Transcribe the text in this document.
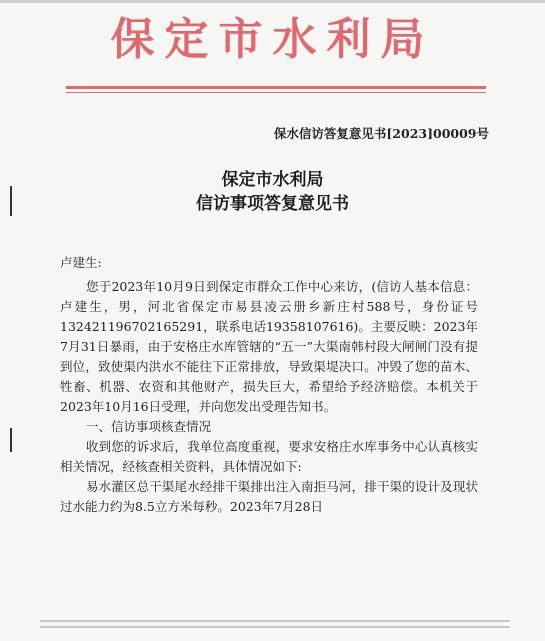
保定市水利局
保水信访答复意见书[2023]00009号
保定市水利局
信访事项答复意见书

卢建生:

您于2023年10月9日到保定市群众工作中心来访，(信访人基本信息：卢建生，男，河北省保定市易县凌云册乡新庄村588号，身份证号132421196702165291，联系电话19358107616)。主要反映：2023年7月31日暴雨，由于安格庄水库管辖的“五一”大渠南韩村段大闸闸门没有提到位，致使渠内洪水不能往下正常排放，导致渠堤决口。冲毁了您的苗木、牲畜、机器、农资和其他财产，损失巨大，希望给予经济赔偿。本机关于2023年10月16日受理，并向您发出受理告知书。

一、信访事项核查情况

收到您的诉求后，我单位高度重视，要求安格庄水库事务中心认真核实相关情况，经核查相关资料，具体情况如下:

易水灌区总干渠尾水经排干渠排出注入南拒马河，排干渠的设计及现状过水能力约为8.5立方米每秒。2023年7月28日
